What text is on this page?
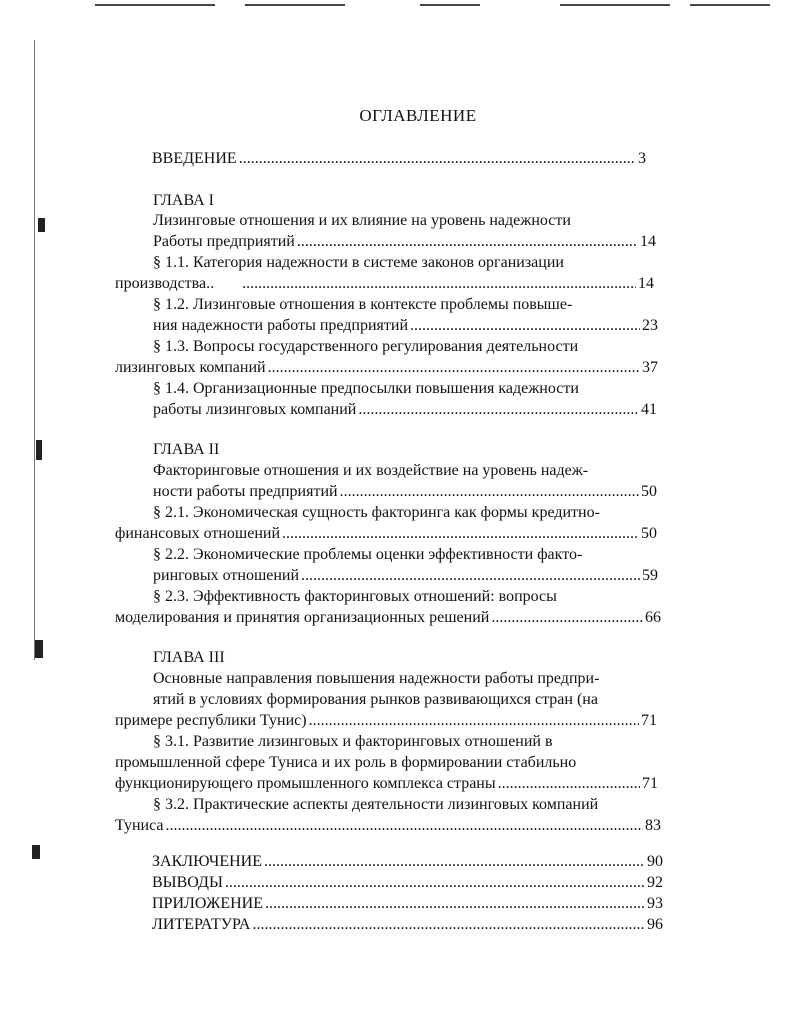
ОГЛАВЛЕНИЕ
ВВЕДЕНИЕ .....	3
ГЛАВА I
Лизинговые отношения и их влияние на уровень надежности
Работы предприятий .....	14
§ 1.1. Категория надежности в системе законов организации
производства.. .....	14
§ 1.2. Лизинговые отношения в контексте проблемы повыше-
ния надежности работы предприятий .....	23
§ 1.3. Вопросы государственного регулирования деятельности
лизинговых компаний .....	37
§ 1.4. Организационные предпосылки повышения кадежности
работы лизинговых компаний .....	41
ГЛАВА II
Факторинговые отношения и их воздействие на уровень надеж-
ности работы предприятий .....	50
§ 2.1. Экономическая сущность факторинга как формы кредитно-
финансовых отношений .....	50
§ 2.2. Экономические проблемы оценки эффективности факто-
ринговых отношений .....	59
§ 2.3. Эффективность факторинговых отношений: вопросы
моделирования и принятия организационных решений .....	66
ГЛАВА III
Основные направления повышения надежности работы предпри-
ятий в условиях формирования рынков развивающихся стран (на
примере республики Тунис) .....	71
§ 3.1. Развитие лизинговых и факторинговых отношений в
промышленной сфере Туниса и их роль в формировании стабильно
функционирующего промышленного комплекса страны .....	71
§ 3.2. Практические аспекты деятельности лизинговых компаний
Туниса .....	83
ЗАКЛЮЧЕНИЕ .....	90
ВЫВОДЫ .....	92
ПРИЛОЖЕНИЕ .....	93
ЛИТЕРАТУРА .....	96
